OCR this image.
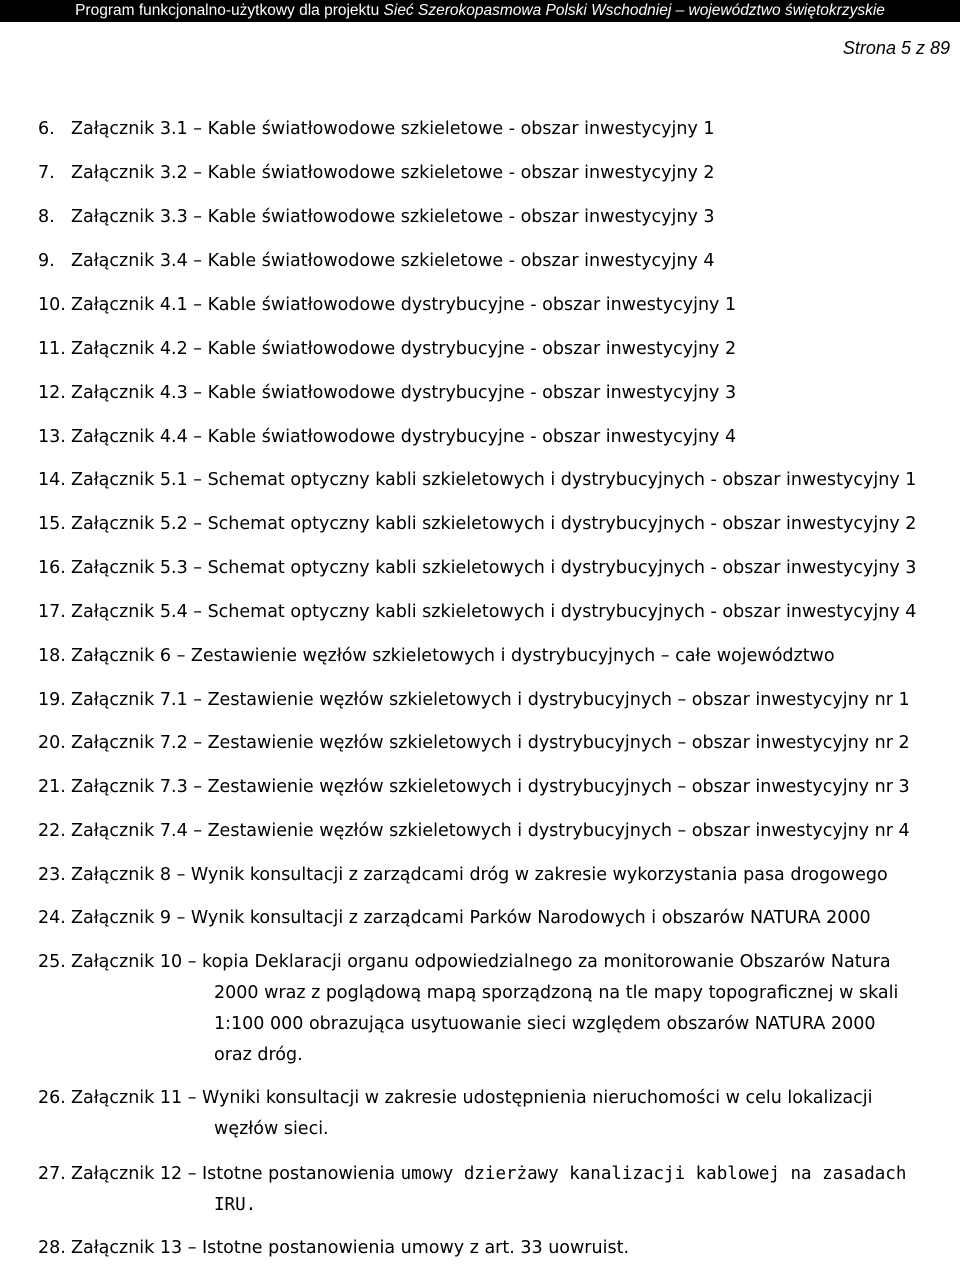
Program funkcjonalno-użytkowy dla projektu Sieć Szerokopasmowa Polski Wschodniej – województwo świętokrzyskie
Strona 5 z 89
6. Załącznik 3.1 – Kable światłowodowe szkieletowe - obszar inwestycyjny 1
7. Załącznik 3.2 – Kable światłowodowe szkieletowe - obszar inwestycyjny 2
8. Załącznik 3.3 – Kable światłowodowe szkieletowe - obszar inwestycyjny 3
9. Załącznik 3.4 – Kable światłowodowe szkieletowe - obszar inwestycyjny 4
10. Załącznik 4.1 – Kable światłowodowe dystrybucyjne - obszar inwestycyjny 1
11. Załącznik 4.2 – Kable światłowodowe dystrybucyjne - obszar inwestycyjny 2
12. Załącznik 4.3 – Kable światłowodowe dystrybucyjne - obszar inwestycyjny 3
13. Załącznik 4.4 – Kable światłowodowe dystrybucyjne - obszar inwestycyjny 4
14. Załącznik 5.1 – Schemat optyczny kabli szkieletowych i dystrybucyjnych - obszar inwestycyjny 1
15. Załącznik 5.2 – Schemat optyczny kabli szkieletowych i dystrybucyjnych - obszar inwestycyjny 2
16. Załącznik 5.3 – Schemat optyczny kabli szkieletowych i dystrybucyjnych - obszar inwestycyjny 3
17. Załącznik 5.4 – Schemat optyczny kabli szkieletowych i dystrybucyjnych - obszar inwestycyjny 4
18. Załącznik 6 – Zestawienie węzłów szkieletowych i dystrybucyjnych – całe województwo
19. Załącznik 7.1 – Zestawienie węzłów szkieletowych i dystrybucyjnych – obszar inwestycyjny nr 1
20. Załącznik 7.2 – Zestawienie węzłów szkieletowych i dystrybucyjnych – obszar inwestycyjny nr 2
21. Załącznik 7.3 – Zestawienie węzłów szkieletowych i dystrybucyjnych – obszar inwestycyjny nr 3
22. Załącznik 7.4 – Zestawienie węzłów szkieletowych i dystrybucyjnych – obszar inwestycyjny nr 4
23. Załącznik 8 – Wynik konsultacji z zarządcami dróg w zakresie wykorzystania pasa drogowego
24. Załącznik 9 – Wynik konsultacji z zarządcami Parków Narodowych i obszarów NATURA 2000
25. Załącznik 10 – kopia Deklaracji organu odpowiedzialnego za monitorowanie Obszarów Natura
2000 wraz z poglądową mapą sporządzoną na tle mapy topograficznej w skali
1:100 000 obrazująca usytuowanie sieci względem obszarów NATURA 2000
oraz dróg.
26. Załącznik 11 – Wyniki konsultacji w zakresie udostępnienia nieruchomości w celu lokalizacji
węzłów sieci.
27. Załącznik 12 – Istotne postanowienia umowy dzierżawy kanalizacji kablowej na zasadach
IRU.
28. Załącznik 13 – Istotne postanowienia umowy z art. 33 uowruist.
